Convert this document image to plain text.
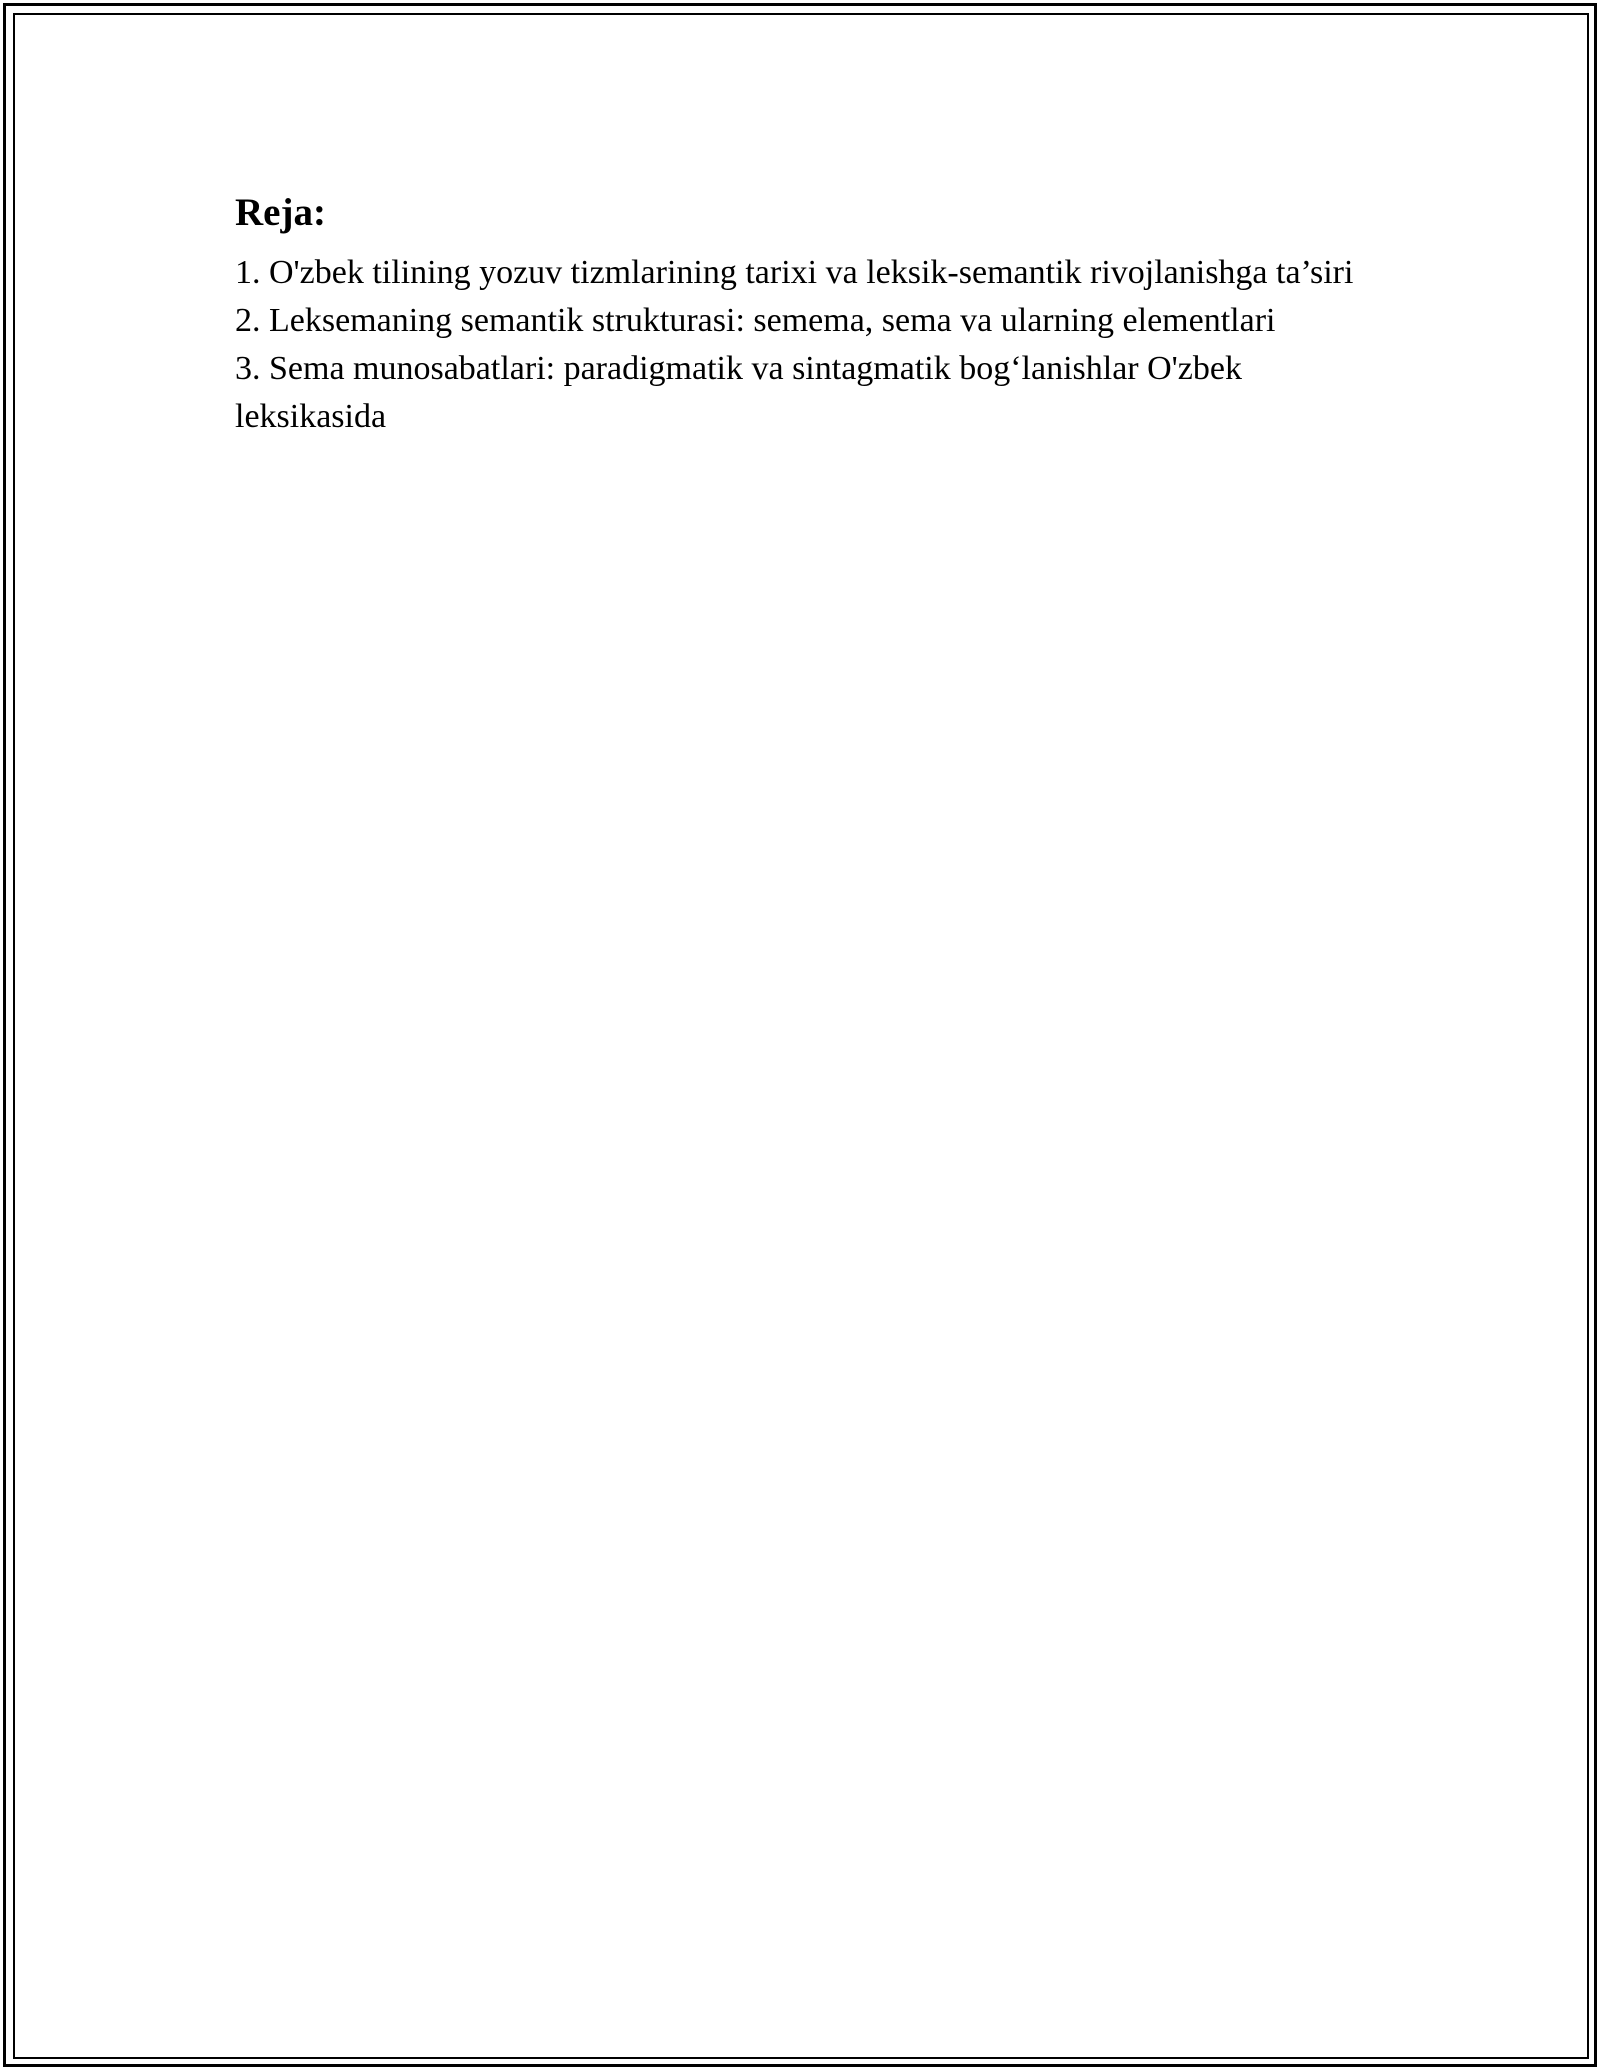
Reja:
1. O'zbek tilining yozuv tizmlarining tarixi va leksik-semantik rivojlanishga ta’siri
2. Leksemaning semantik strukturasi: semema, sema va ularning elementlari
3. Sema munosabatlari: paradigmatik va sintagmatik bog‘lanishlar O'zbek leksikasida
